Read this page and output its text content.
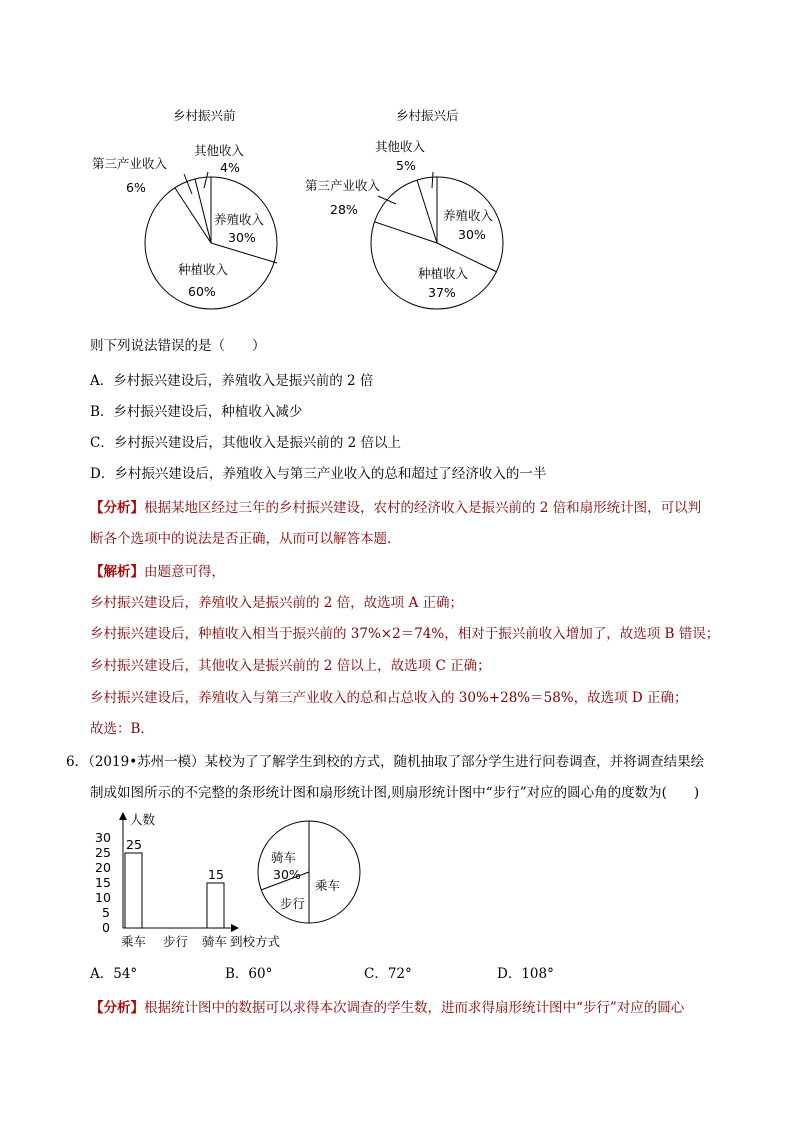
乡村振兴前
其他收入
4%
第三产业收入
6%
养殖收入
30%
种植收入
60%
乡村振兴后
其他收入
5%
第三产业收入
28%	养殖收入
30%
种植收入
37%
则下列说法错误的是（　　）
A．乡村振兴建设后，养殖收入是振兴前的 2 倍
B．乡村振兴建设后，种植收入减少
C．乡村振兴建设后，其他收入是振兴前的 2 倍以上
D．乡村振兴建设后，养殖收入与第三产业收入的总和超过了经济收入的一半
【分析】根据某地区经过三年的乡村振兴建设，农村的经济收入是振兴前的 2 倍和扇形统计图，可以判
断各个选项中的说法是否正确，从而可以解答本题．
【解析】由题意可得，
乡村振兴建设后，养殖收入是振兴前的 2 倍，故选项 A 正确；
乡村振兴建设后，种植收入相当于振兴前的 37%×2＝74%，相对于振兴前收入增加了，故选项 B 错误；
乡村振兴建设后，其他收入是振兴前的 2 倍以上，故选项 C 正确；
乡村振兴建设后，养殖收入与第三产业收入的总和占总收入的 30%+28%＝58%，故选项 D 正确；
故选：B．
6．（2019•苏州一模）某校为了了解学生到校的方式，随机抽取了部分学生进行问卷调查，并将调查结果绘
制成如图所示的不完整的条形统计图和扇形统计图,则扇形统计图中“步行”对应的圆心角的度数为(　　)
人数
30
25
20
15
10
5
0
25
15
乘车 步行 骑车 到校方式
骑车
30%
乘车
步行
A．54°	B．60°	C．72°	D．108°
【分析】根据统计图中的数据可以求得本次调查的学生数，进而求得扇形统计图中“步行”对应的圆心
